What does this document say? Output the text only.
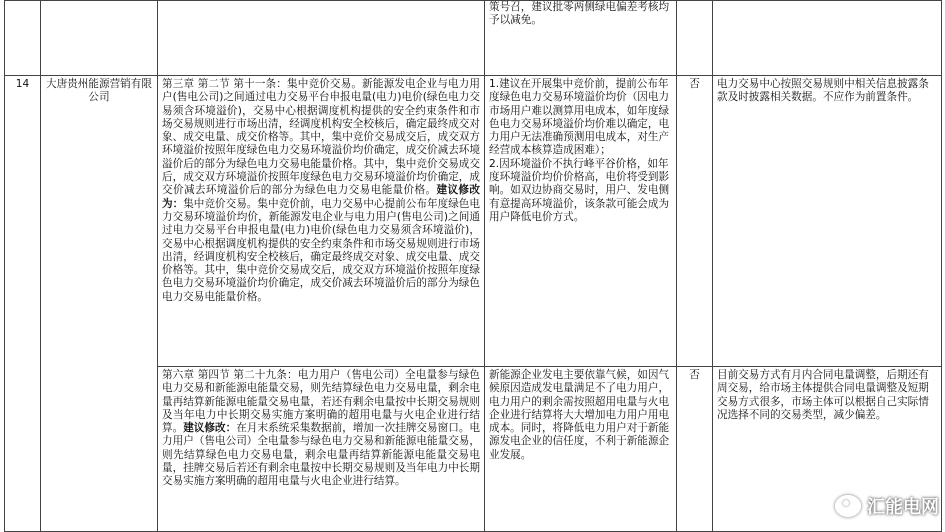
			策号召，建议批零两侧绿电偏差考核均予以减免。		

14	大唐贵州能源营销有限公司	第三章 第二节 第十一条：集中竞价交易。新能源发电企业与电力用户(售电公司)之间通过电力交易平台申报电量(电力)电价(绿色电力交易须含环境溢价)，交易中心根据调度机构提供的安全约束条件和市场交易规则进行市场出清，经调度机构安全校核后，确定最终成交对象、成交电量、成交价格等。其中，集中竞价交易成交后，成交双方环境溢价按照年度绿色电力交易环境溢价均价确定，成交价减去环境溢价后的部分为绿色电力交易电能量价格。其中，集中竞价交易成交后，成交双方环境溢价按照年度绿色电力交易环境溢价均价确定，成交价减去环境溢价后的部分为绿色电力交易电能量价格。建议修改为：集中竞价交易。集中竞价前，电力交易中心提前公布年度绿色电力交易环境溢价均价，新能源发电企业与电力用户(售电公司)之间通过电力交易平台申报电量(电力)电价(绿色电力交易须含环境溢价)，交易中心根据调度机构提供的安全约束条件和市场交易规则进行市场出清，经调度机构安全校核后，确定最终成交对象、成交电量、成交价格等。其中，集中竞价交易成交后，成交双方环境溢价按照年度绿色电力交易环境溢价均价确定，成交价减去环境溢价后的部分为绿色电力交易电能量价格。	1.建议在开展集中竞价前，提前公布年度绿色电力交易环境溢价均价（因电力市场用户难以测算用电成本，如年度绿色电力交易环境溢价均价难以确定，电力用户无法准确预测用电成本，对生产经营成本核算造成困难）；
2.因环境溢价不执行峰平谷价格，如年度环境溢价均价价格高，电价将受到影响。如双边协商交易时，用户、发电侧有意提高环境溢价，该条款可能会成为用户降低电价方式。	否	电力交易中心按照交易规则中相关信息披露条款及时披露相关数据。不应作为前置条件。
		第六章 第四节 第二十九条：电力用户（售电公司）全电量参与绿色电力交易和新能源电能量交易，则先结算绿色电力交易电量，剩余电量再结算新能源电能量交易电量，若还有剩余电量按中长期交易规则及当年电力中长期交易实施方案明确的超用电量与火电企业进行结算。建议修改：在月末系统采集数据前，增加一次挂牌交易窗口。电力用户（售电公司）全电量参与绿色电力交易和新能源电能量交易，则先结算绿色电力交易电量，剩余电量再结算新能源电能量交易电量，挂牌交易后若还有剩余电量按中长期交易规则及当年电力中长期交易实施方案明确的超用电量与火电企业进行结算。	新能源企业发电主要依靠气候，如因气候原因造成发电量满足不了电力用户，电力用户的剩余需按照超用电量与火电企业进行结算将大大增加电力用户用电成本。同时，将降低电力用户对于新能源发电企业的信任度，不利于新能源企业发展。	否	目前交易方式有月内合同电量调整，后期还有周交易，给市场主体提供合同电量调整及短期交易方式很多，市场主体可以根据自己实际情况选择不同的交易类型，减少偏差。
汇能电网
